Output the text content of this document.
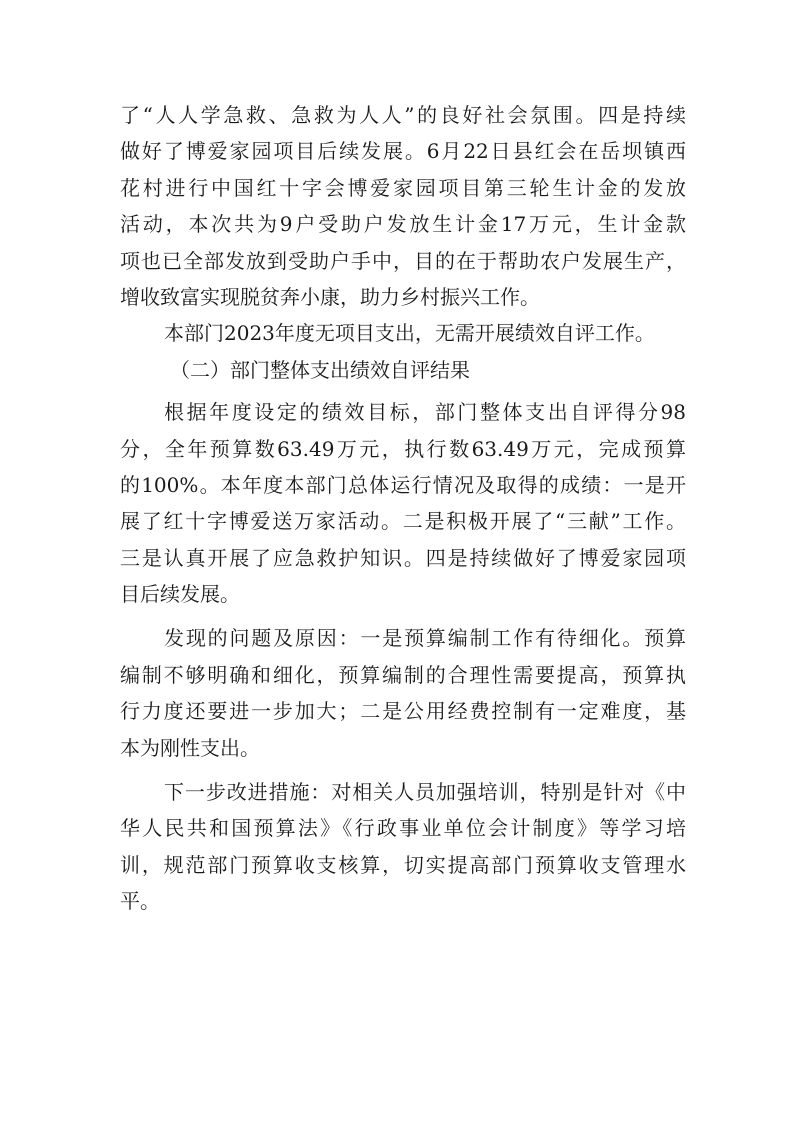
了“人人学急救、急救为人人”的良好社会氛围。四是持续
做好了博爱家园项目后续发展。6月22日县红会在岳坝镇西
花村进行中国红十字会博爱家园项目第三轮生计金的发放
活动，本次共为9户受助户发放生计金17万元，生计金款
项也已全部发放到受助户手中，目的在于帮助农户发展生产，
增收致富实现脱贫奔小康，助力乡村振兴工作。
本部门2023年度无项目支出，无需开展绩效自评工作。
（二）部门整体支出绩效自评结果
根据年度设定的绩效目标，部门整体支出自评得分98
分，全年预算数63.49万元，执行数63.49万元，完成预算
的100%。本年度本部门总体运行情况及取得的成绩：一是开
展了红十字博爱送万家活动。二是积极开展了“三献”工作。
三是认真开展了应急救护知识。四是持续做好了博爱家园项
目后续发展。
发现的问题及原因：一是预算编制工作有待细化。预算
编制不够明确和细化，预算编制的合理性需要提高，预算执
行力度还要进一步加大；二是公用经费控制有一定难度，基
本为刚性支出。
下一步改进措施：对相关人员加强培训，特别是针对《中
华人民共和国预算法》《行政事业单位会计制度》等学习培
训，规范部门预算收支核算，切实提高部门预算收支管理水
平。
